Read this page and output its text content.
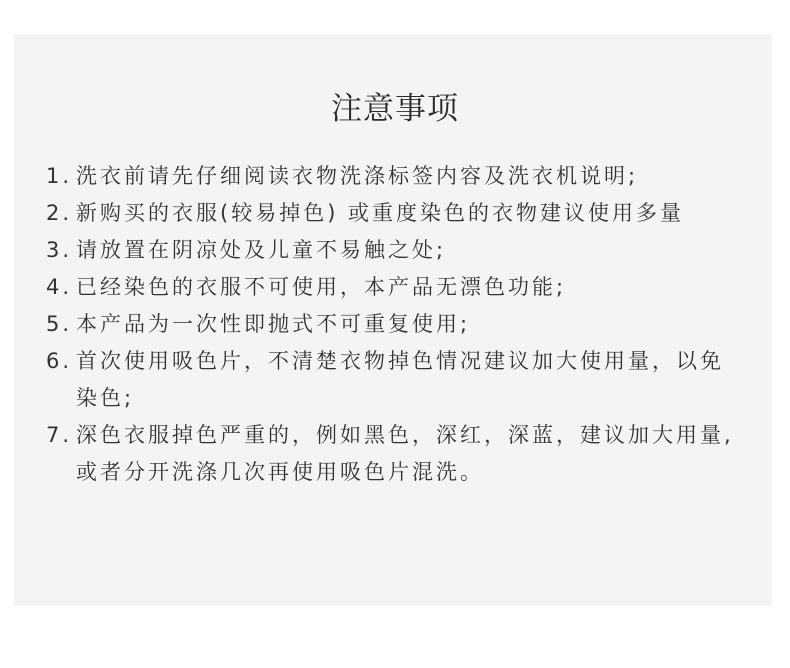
注意事项
1. 洗衣前请先仔细阅读衣物洗涤标签内容及洗衣机说明;
2. 新购买的衣服(较易掉色) 或重度染色的衣物建议使用多量
3. 请放置在阴凉处及儿童不易触之处;
4. 已经染色的衣服不可使用，本产品无漂色功能;
5. 本产品为一次性即抛式不可重复使用;
6. 首次使用吸色片，不清楚衣物掉色情况建议加大使用量，以免染色;
7. 深色衣服掉色严重的，例如黑色，深红，深蓝，建议加大用量,或者分开洗涤几次再使用吸色片混洗。
